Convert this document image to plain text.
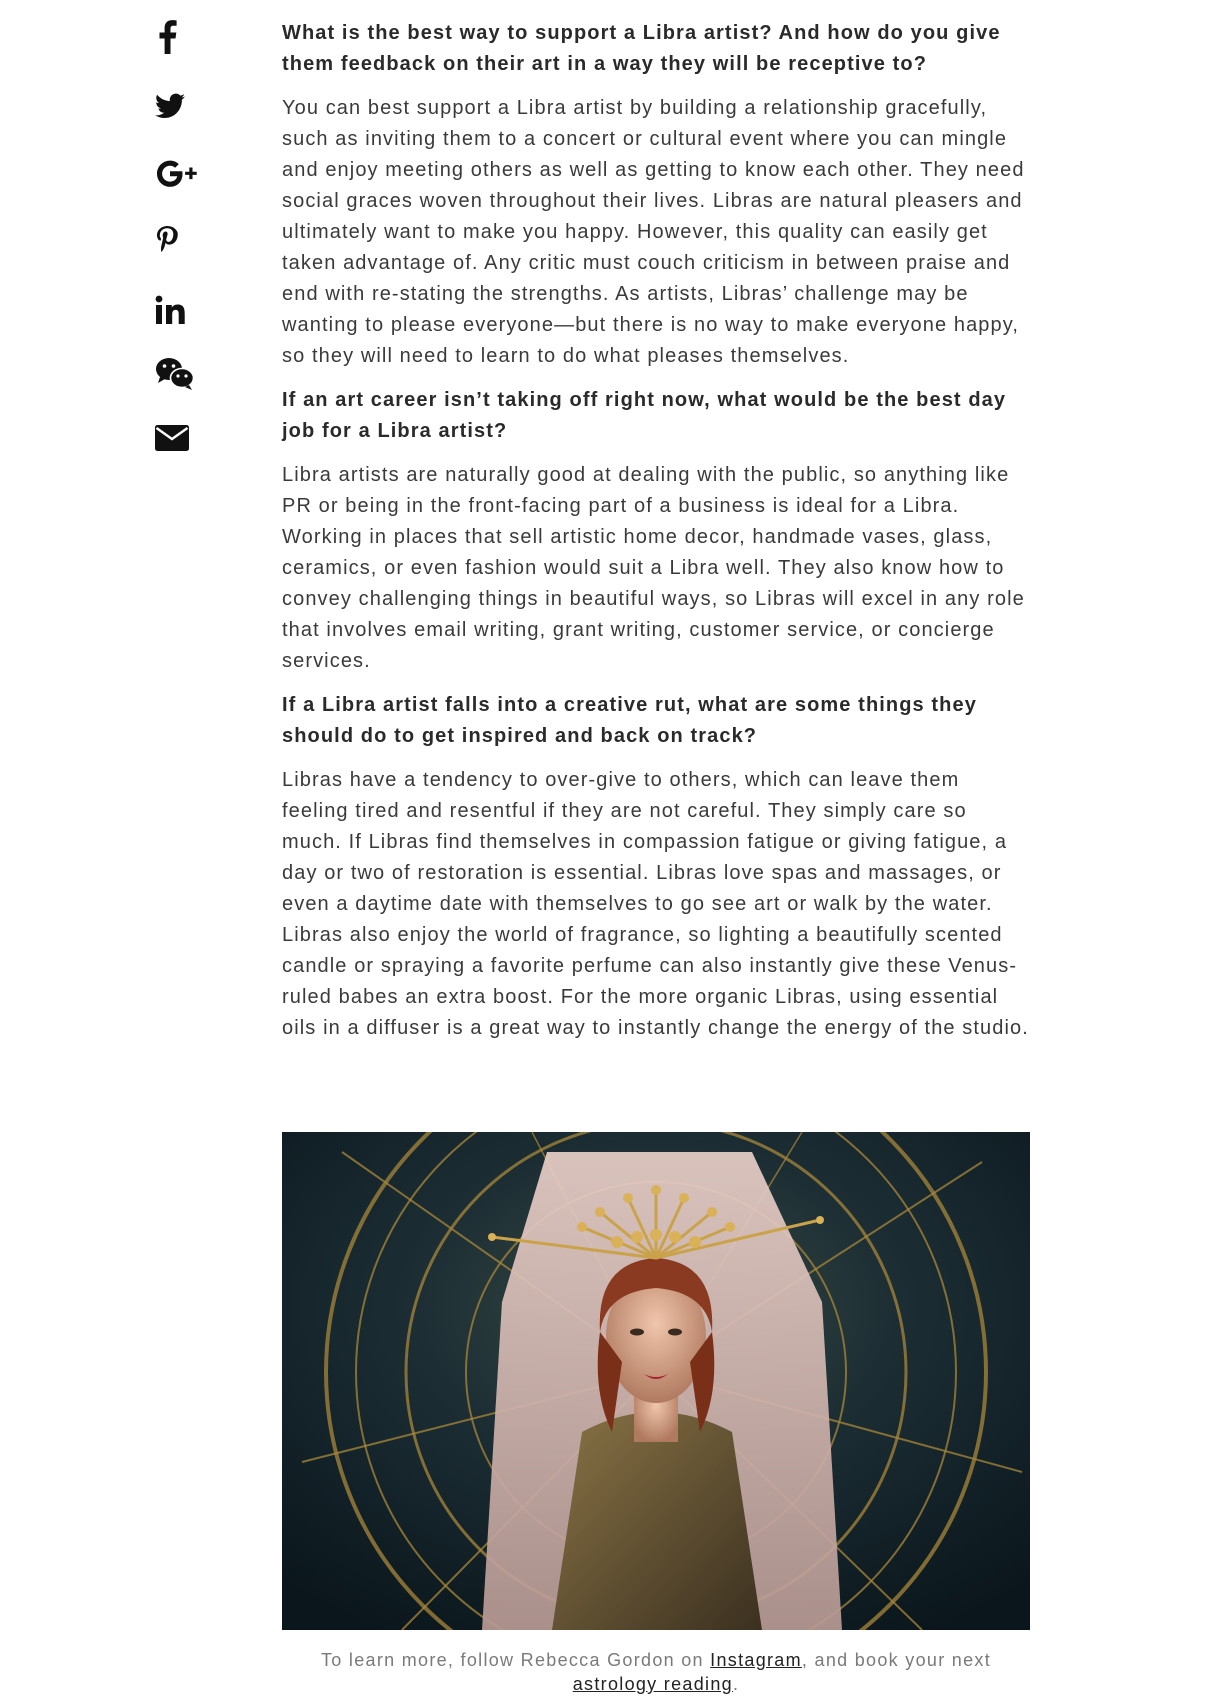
What is the best way to support a Libra artist? And how do you give them feedback on their art in a way they will be receptive to?

You can best support a Libra artist by building a relationship gracefully, such as inviting them to a concert or cultural event where you can mingle and enjoy meeting others as well as getting to know each other. They need social graces woven throughout their lives. Libras are natural pleasers and ultimately want to make you happy. However, this quality can easily get taken advantage of. Any critic must couch criticism in between praise and end with re-stating the strengths. As artists, Libras’ challenge may be wanting to please everyone—but there is no way to make everyone happy, so they will need to learn to do what pleases themselves.

If an art career isn’t taking off right now, what would be the best day job for a Libra artist?

Libra artists are naturally good at dealing with the public, so anything like PR or being in the front-facing part of a business is ideal for a Libra. Working in places that sell artistic home decor, handmade vases, glass, ceramics, or even fashion would suit a Libra well. They also know how to convey challenging things in beautiful ways, so Libras will excel in any role that involves email writing, grant writing, customer service, or concierge services.

If a Libra artist falls into a creative rut, what are some things they should do to get inspired and back on track?

Libras have a tendency to over-give to others, which can leave them feeling tired and resentful if they are not careful. They simply care so much. If Libras find themselves in compassion fatigue or giving fatigue, a day or two of restoration is essential. Libras love spas and massages, or even a daytime date with themselves to go see art or walk by the water. Libras also enjoy the world of fragrance, so lighting a beautifully scented candle or spraying a favorite perfume can also instantly give these Venus-ruled babes an extra boost. For the more organic Libras, using essential oils in a diffuser is a great way to instantly change the energy of the studio.

To learn more, follow Rebecca Gordon on Instagram, and book your next
astrology reading.
